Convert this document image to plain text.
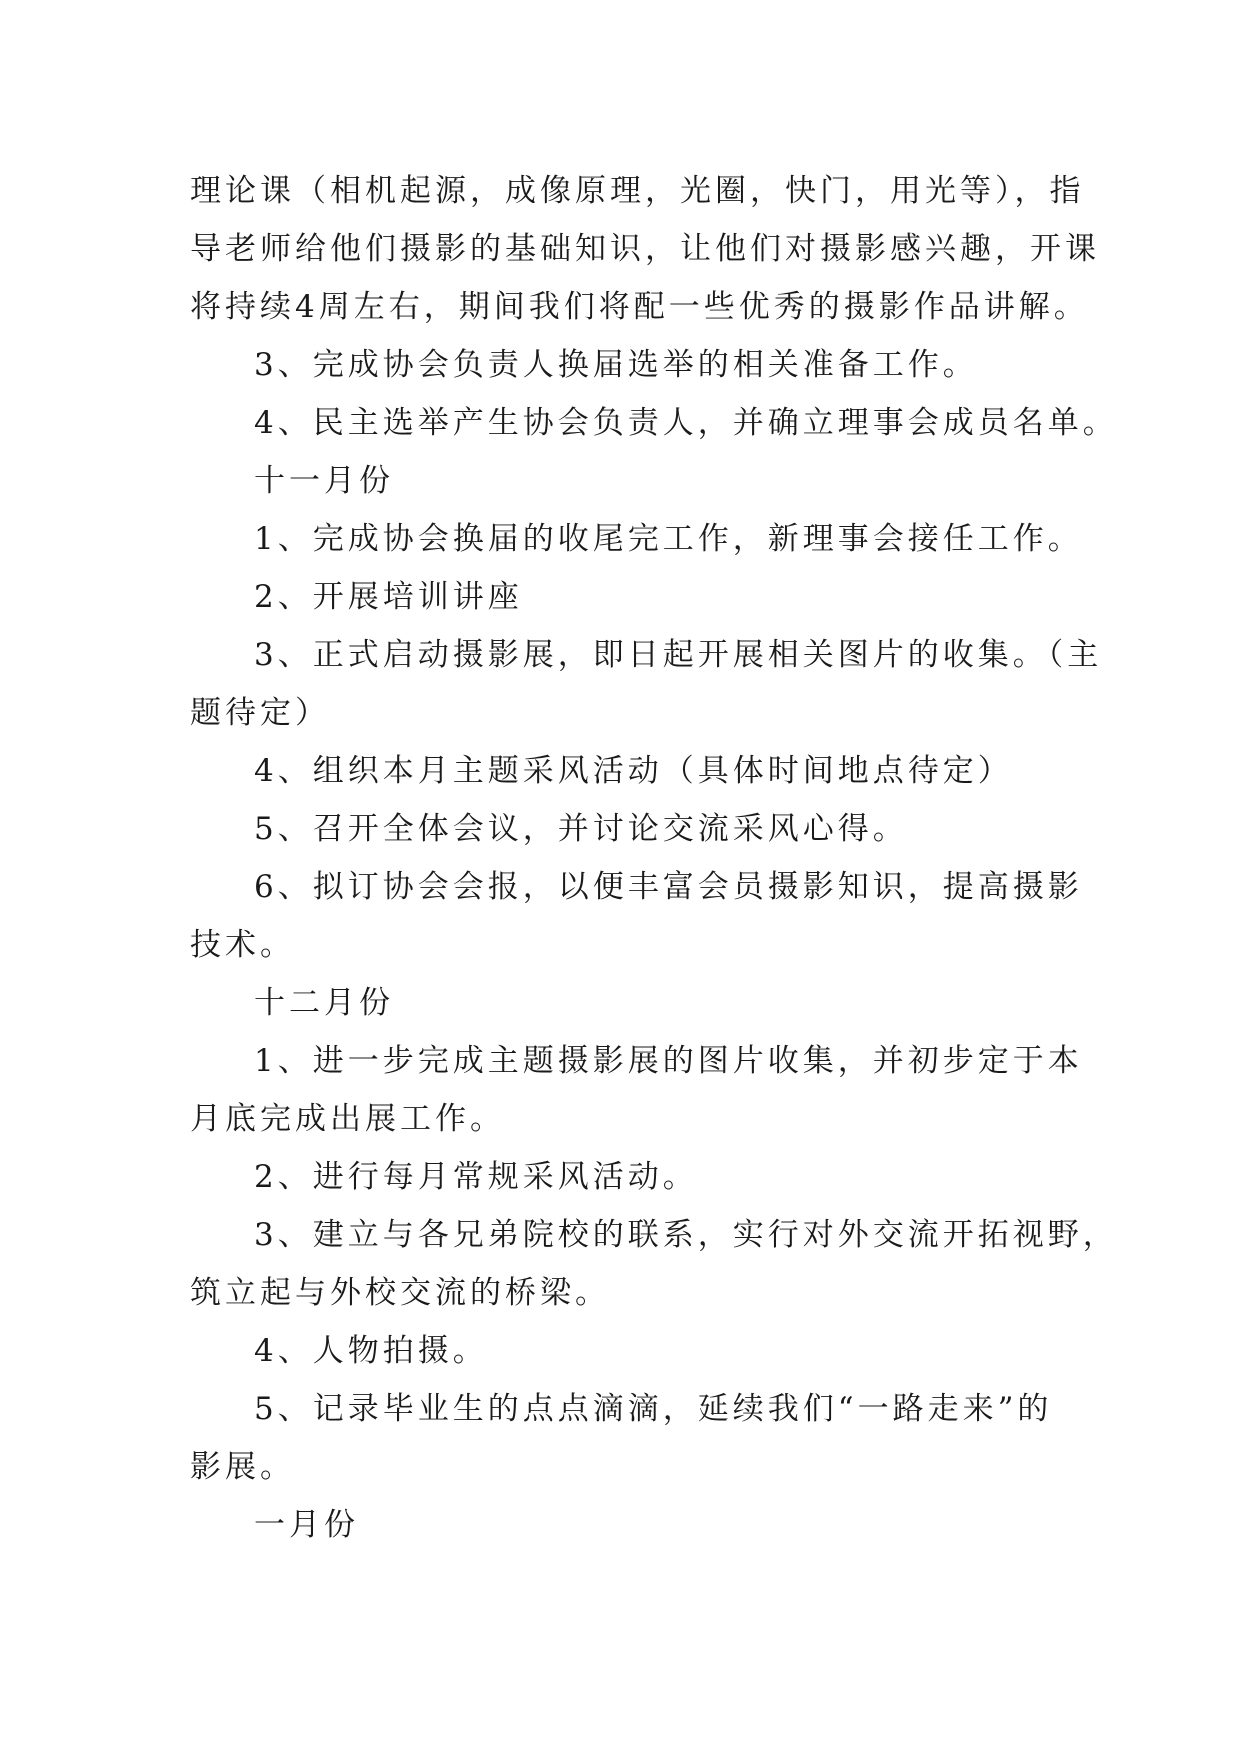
理论课（相机起源，成像原理，光圈，快门，用光等），指
导老师给他们摄影的基础知识，让他们对摄影感兴趣，开课
将持续4周左右，期间我们将配一些优秀的摄影作品讲解。
3、完成协会负责人换届选举的相关准备工作。
4、民主选举产生协会负责人，并确立理事会成员名单。
十一月份
1、完成协会换届的收尾完工作，新理事会接任工作。
2、开展培训讲座
3、正式启动摄影展，即日起开展相关图片的收集。（主
题待定）
4、组织本月主题采风活动（具体时间地点待定）
5、召开全体会议，并讨论交流采风心得。
6、拟订协会会报，以便丰富会员摄影知识，提高摄影
技术。
十二月份
1、进一步完成主题摄影展的图片收集，并初步定于本
月底完成出展工作。
2、进行每月常规采风活动。
3、建立与各兄弟院校的联系，实行对外交流开拓视野，
筑立起与外校交流的桥梁。
4、人物拍摄。
5、记录毕业生的点点滴滴，延续我们“一路走来”的
影展。
一月份
